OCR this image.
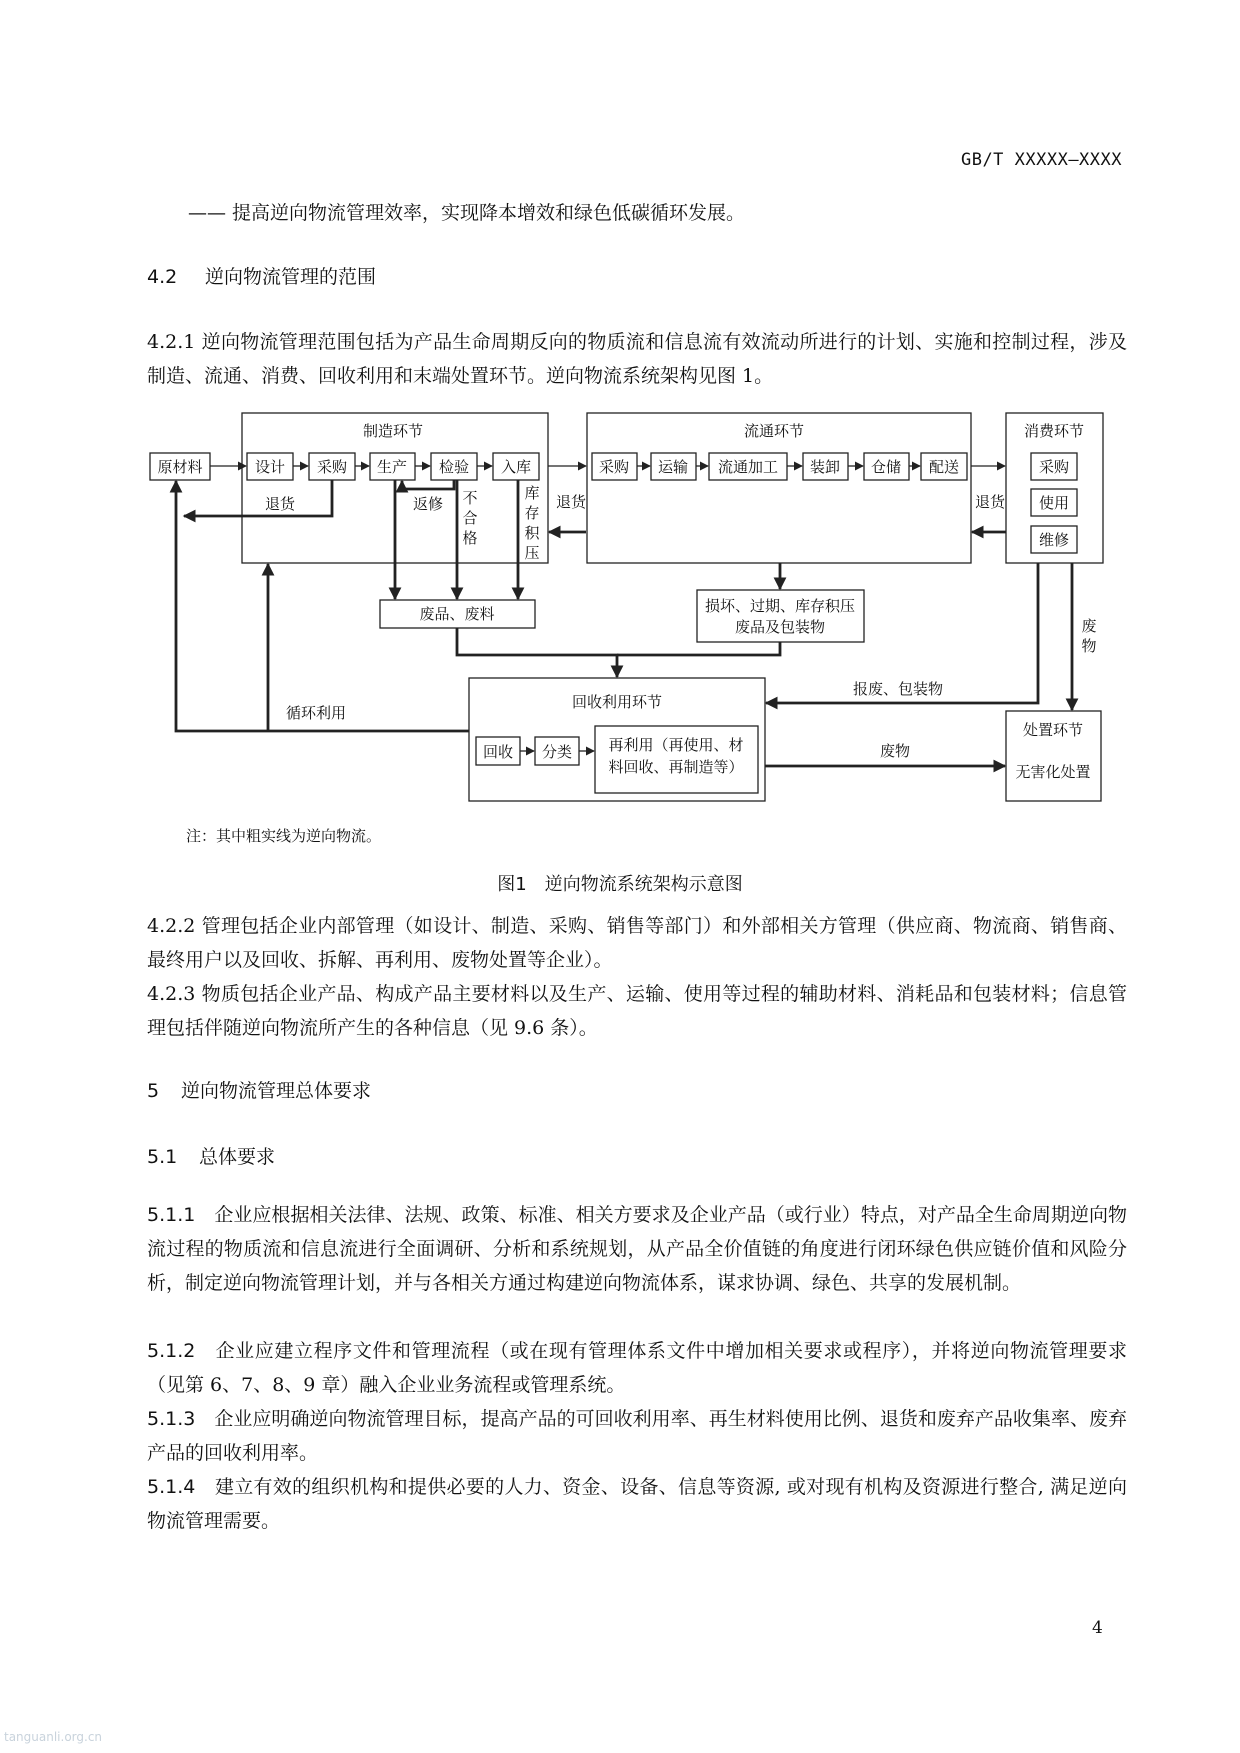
GB/T XXXXX—XXXX
—— 提高逆向物流管理效率，实现降本增效和绿色低碳循环发展。
4.2 逆向物流管理的范围
4.2.1 逆向物流管理范围包括为产品生命周期反向的物质流和信息流有效流动所进行的计划、实施和控制过程，涉及制造、流通、消费、回收利用和末端处置环节。逆向物流系统架构见图 1。
制造环节	流通环节	消费环节
回收利用环节
处置环节
原材料	设计 采购 生产 检验 入库	采购 运输 流通加工 装卸 仓储 配送	采购
使用
维修
退货	返修 不
合
格
库
存
积
压
退货	退货
废品、废料	损坏、过期、库存积压
废品及包装物
报废、包装物
废
物
循环利用
回收 分类 再利用（再使用、材
料回收、再制造等）
废物
无害化处置
注：其中粗实线为逆向物流。
图1　逆向物流系统架构示意图
4.2.2 管理包括企业内部管理（如设计、制造、采购、销售等部门）和外部相关方管理（供应商、物流商、销售商、最终用户以及回收、拆解、再利用、废物处置等企业）。
4.2.3 物质包括企业产品、构成产品主要材料以及生产、运输、使用等过程的辅助材料、消耗品和包装材料；信息管理包括伴随逆向物流所产生的各种信息（见 9.6 条）。
5 逆向物流管理总体要求
5.1 总体要求
5.1.1　 企业应根据相关法律、法规、政策、标准、相关方要求及企业产品（或行业）特点，对产品全生命周期逆向物流过程的物质流和信息流进行全面调研、分析和系统规划，从产品全价值链的角度进行闭环绿色供应链价值和风险分析，制定逆向物流管理计划，并与各相关方通过构建逆向物流体系，谋求协调、绿色、共享的发展机制。
5.1.2　 企业应建立程序文件和管理流程（或在现有管理体系文件中增加相关要求或程序），并将逆向物流管理要求（见第 6、7、8、9 章）融入企业业务流程或管理系统。
5.1.3　 企业应明确逆向物流管理目标，提高产品的可回收利用率、再生材料使用比例、退货和废弃产品收集率、废弃产品的回收利用率。
5.1.4　 建立有效的组织机构和提供必要的人力、资金、设备、信息等资源, 或对现有机构及资源进行整合, 满足逆向物流管理需要。
4
tanguanli.org.cn
